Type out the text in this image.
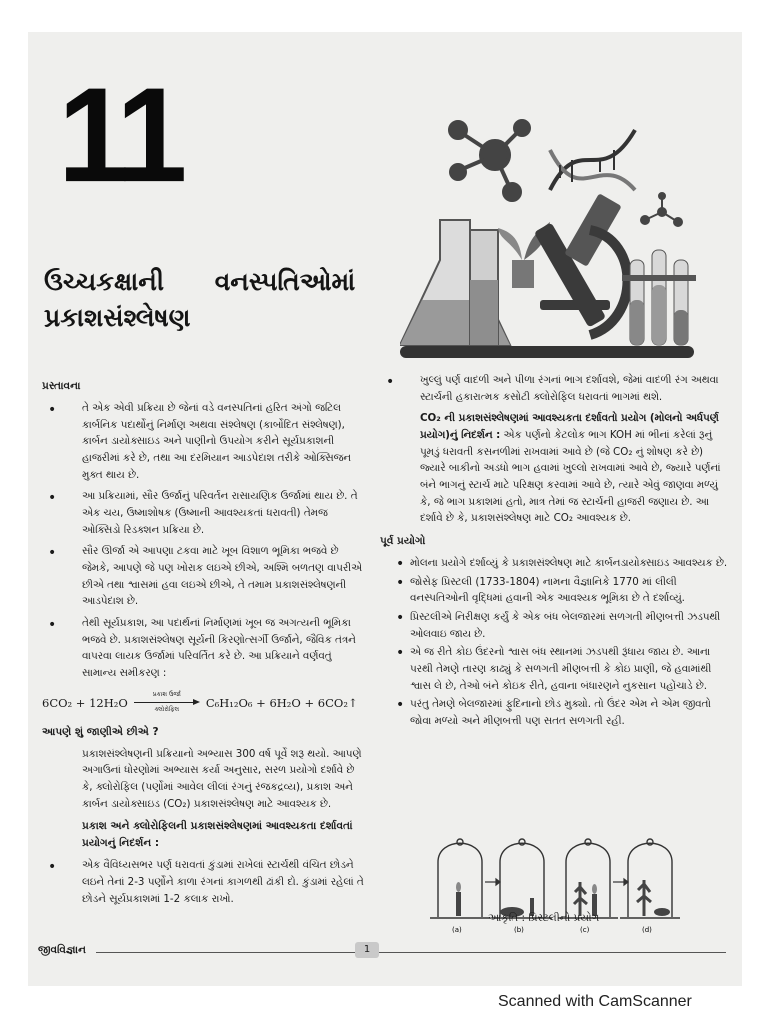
11
ઉચ્ચકક્ષાની વનસ્પતિઓમાં
પ્રકાશસંશ્લેષણ

પ્રસ્તાવના

• તે એક એવી પ્રક્રિયા છે જેનાં વડે વનસ્પતિનાં હરિત અંગો જટિલ કાર્બનિક પદાર્થોનું નિર્માણ અથવા સંશ્લેષણ (કાર્બોદિત સંશ્લેષણ), કાર્બન ડાયોક્સાઇડ અને પાણીનો ઉપયોગ કરીને સૂર્યપ્રકાશની હાજરીમાં કરે છે, તથા આ દરમિયાન આડપેદાશ તરીકે ઓક્સિજન મુક્ત થાય છે.

• આ પ્રક્રિયામાં, સૌર ઉર્જાનું પરિવર્તન રાસાયણિક ઉર્જામાં થાય છે. તે એક ચય, ઉષ્માશોષક (ઉષ્માની આવશ્યકતાં ધરાવતી) તેમજ ઓક્સિડો રિડક્શન પ્રક્રિયા છે.

• સૌર ઊર્જા એ આપણા ટકવા માટે ખૂબ વિશાળ ભૂમિકા ભજવે છે જેમકે, આપણે જે પણ ખોરાક લઇએ છીએ, અશ્મિ બળતણ વાપરીએ છીએ તથા શ્વાસમાં હવા લઇએ છીએ, તે તમામ પ્રકાશસંશ્લેષણની આડપેદાશ છે.

• તેથી સૂર્યપ્રકાશ, આ પદાર્થનાં નિર્માણમાં ખૂબ જ અગત્યની ભૂમિકા ભજવે છે. પ્રકાશસંશ્લેષણ સૂર્યની કિરણોત્સર્ગી ઉર્જાને, જૈવિક તંત્રને વાપરવા લાયક ઉર્જામાં પરિવર્તિત કરે છે. આ પ્રક્રિયાને વર્ણવતું સામાન્ય સમીકરણ :

6CO₂ + 12H₂O
પ્રકાશ ઉર્જા
ક્લોરોફિલ	C₆H₁₂O₆ + 6H₂O + 6CO₂↑

આપણે શું જાણીએ છીએ ?

પ્રકાશસંશ્લેષણની પ્રક્રિયાનો અભ્યાસ 300 વર્ષ પૂર્વે શરૂ થયો. આપણે અગાઉનાં ધોરણોમાં અભ્યાસ કર્યા અનુસાર, સરળ પ્રયોગો દર્શાવે છે કે, ક્લોરોફિલ (પર્ણોમાં આવેલ લીલાં રંગનું રંજકદ્રવ્ય), પ્રકાશ અને કાર્બન ડાયોક્સાઇડ (CO₂) પ્રકાશસંશ્લેષણ માટે આવશ્યક છે.

પ્રકાશ અને ક્લોરોફિલની પ્રકાશસંશ્લેષણમાં આવશ્યકતા દર્શાવતાં પ્રયોગનું નિદર્શન :

• એક વૈવિધ્યસભર પર્ણ ધરાવતાં કુંડામાં રાખેલાં સ્ટાર્ચથી વંચિત છોડને લઇને તેનાં 2-3 પર્ણોને કાળા રંગનાં કાગળથી ઢાંકી દો. કુંડામાં રહેલાં તે છોડને સૂર્યપ્રકાશમાં 1-2 કલાક રાખો.

• ખુલ્લું પર્ણ વાદળી અને પીળા રંગનાં ભાગ દર્શાવશે, જેમાં વાદળી રંગ અથવા સ્ટાર્ચની હકારાત્મક કસોટી ક્લોરોફિલ ધરાવતાં ભાગમાં થશે.

CO₂ ની પ્રકાશસંશ્લેષણમાં આવશ્યકતા દર્શાવતો પ્રયોગ (મોલનો અર્ધપર્ણ પ્રયોગ)નું નિદર્શન : એક પર્ણનો કેટલોક ભાગ KOH માં ભીનાં કરેલાં રૂનું પૂમડું ધરાવતી કસનળીમાં રાખવામાં આવે છે (જે CO₂ નું શોષણ કરે છે) જ્યારે બાકીનો અડધો ભાગ હવામાં ખુલ્લો રાખવામાં આવે છે, જ્યારે પર્ણનાં બંને ભાગનું સ્ટાર્ચ માટે પરિક્ષણ કરવામાં આવે છે, ત્યારે એવું જાણવા મળ્યું કે, જે ભાગ પ્રકાશમાં હતો, માત્ર તેમાં જ સ્ટાર્ચની હાજરી જણાય છે. આ દર્શાવે છે કે, પ્રકાશસંશ્લેષણ માટે CO₂ આવશ્યક છે.

પૂર્વ પ્રયોગો

• મોલના પ્રયોગે દર્શાવ્યું કે પ્રકાશસંશ્લેષણ માટે કાર્બનડાયોક્સાઇડ આવશ્યક છે.

• જોસેફ પ્રિસ્ટલી (1733-1804) નામના વૈજ્ઞાનિકે 1770 માં લીલી વનસ્પતિઓની વૃદ્ધિમાં હવાની એક આવશ્યક ભૂમિકા છે તે દર્શાવ્યું.

• પ્રિસ્ટલીએ નિરીક્ષણ કર્યું કે એક બંધ બેલજારમાં સળગતી મીણબત્તી ઝડપથી ઓલવાઇ જાય છે.

• એ જ રીતે કોઇ ઉંદરનો શ્વાસ બંધ સ્થાનમાં ઝડપથી રૂંધાય જાય છે. આના પરથી તેમણે તારણ કાઢ્યું કે સળગતી મીણબત્તી કે કોઇ પ્રાણી, જે હવામાંથી શ્વાસ લે છે, તેઓ બંને કોઇક રીતે, હવાના બંધારણને નુકસાન પહોંચાડે છે.

• પરંતુ તેમણે બેલજારમાં ફુદિનાનો છોડ મુક્યો. તો ઉંદર એમ ને એમ જીવતો જોવા મળ્યો અને મીણબત્તી પણ સતત સળગતી રહી.

(a)	(b)	(c)	(d)
આકૃતિ : પ્રિસ્ટલીનો પ્રયોગ
જીવવિજ્ઞાન	1
Scanned with CamScanner
